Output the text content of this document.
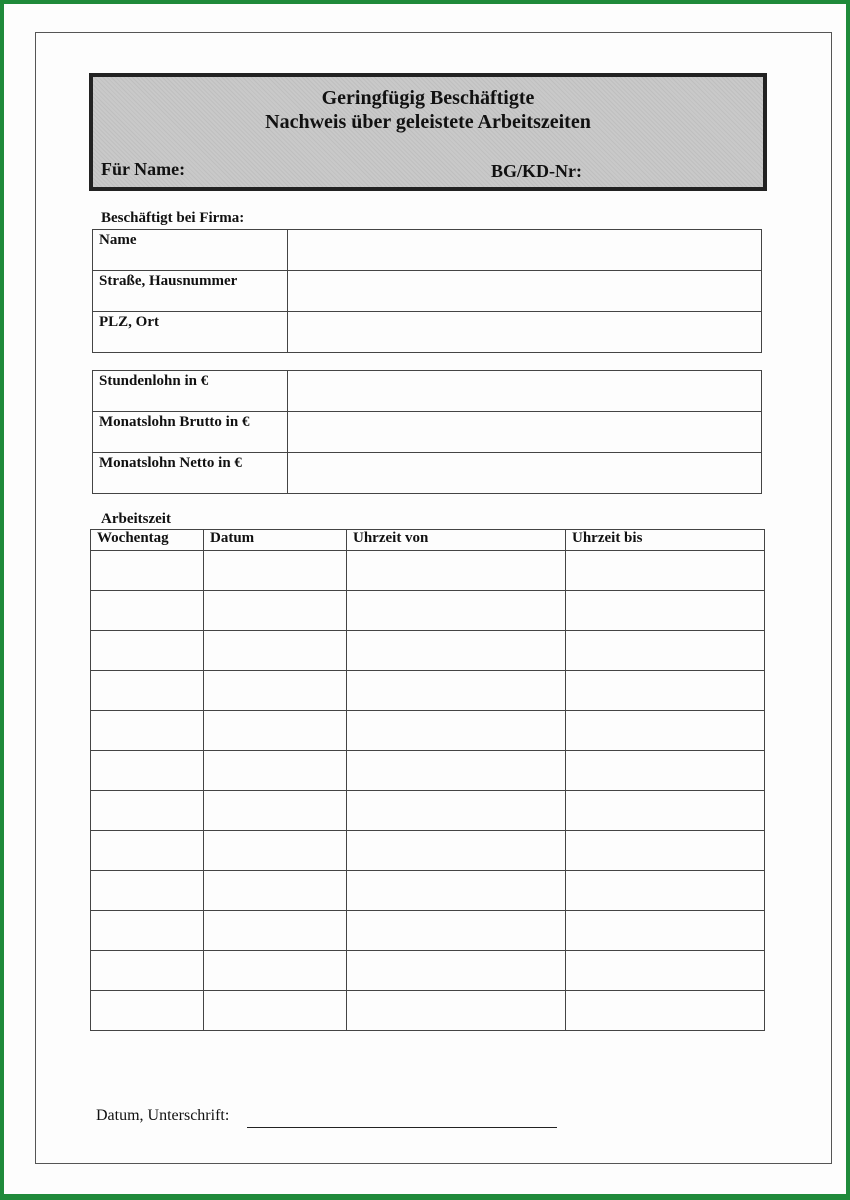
Geringfügig Beschäftigte
Nachweis über geleistete Arbeitszeiten
Für Name:	BG/KD-Nr:
Beschäftigt bei Firma:
Name	
Straße, Hausnummer	
PLZ, Ort	
Stundenlohn in €	
Monatslohn Brutto in €	
Monatslohn Netto in €	
Arbeitszeit
Wochentag	Datum	Uhrzeit von	Uhrzeit bis

Datum, Unterschrift:
